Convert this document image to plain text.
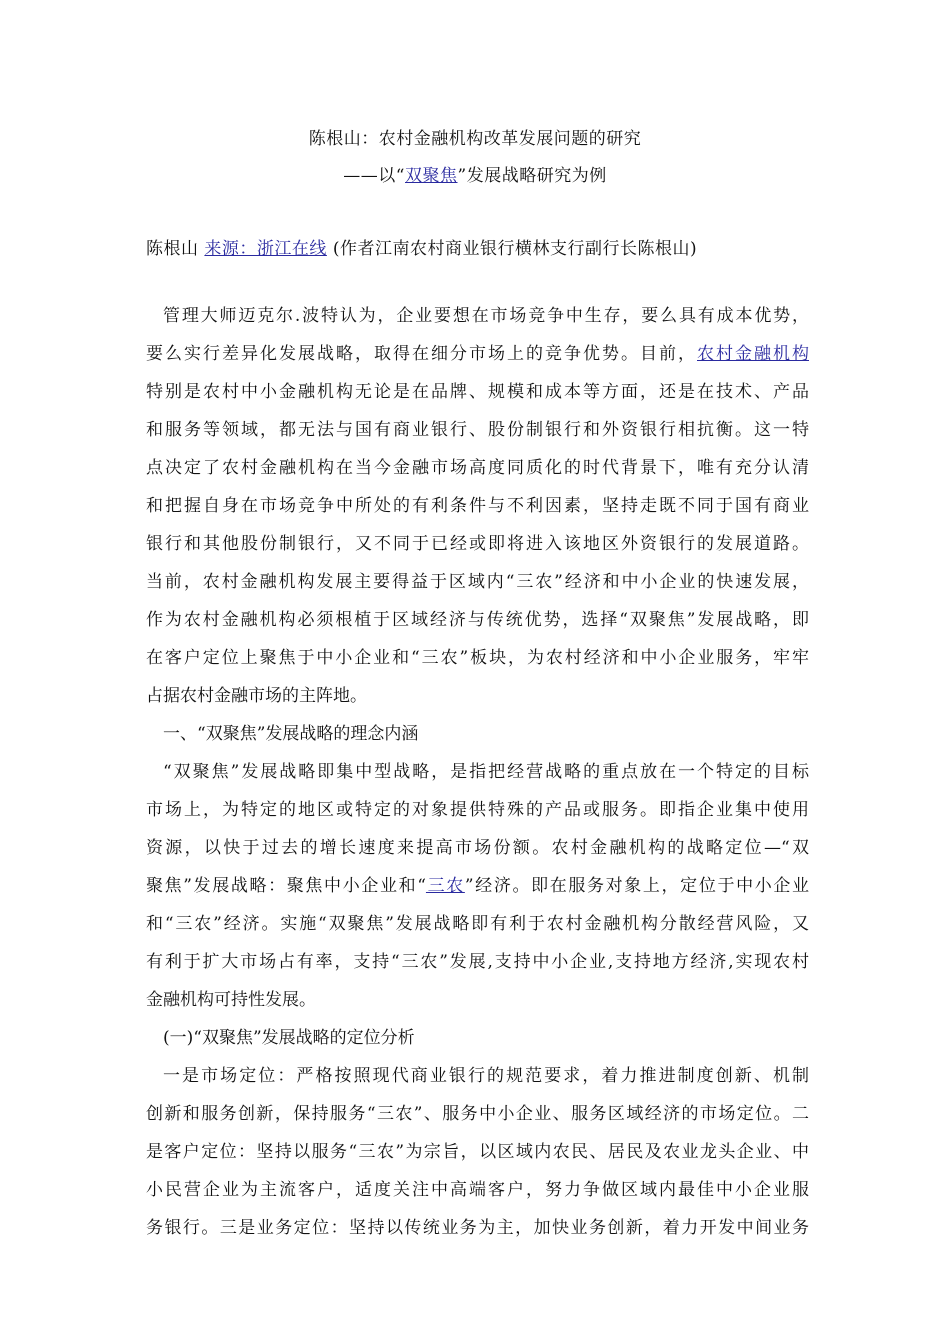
陈根山：农村金融机构改革发展问题的研究
——以“双聚焦”发展战略研究为例
陈根山 来源：浙江在线 (作者江南农村商业银行横林支行副行长陈根山)

管理大师迈克尔.波特认为，企业要想在市场竞争中生存，要么具有成本优势，
要么实行差异化发展战略，取得在细分市场上的竞争优势。目前，农村金融机构
特别是农村中小金融机构无论是在品牌、规模和成本等方面，还是在技术、产品
和服务等领域，都无法与国有商业银行、股份制银行和外资银行相抗衡。这一特
点决定了农村金融机构在当今金融市场高度同质化的时代背景下，唯有充分认清
和把握自身在市场竞争中所处的有利条件与不利因素，坚持走既不同于国有商业
银行和其他股份制银行，又不同于已经或即将进入该地区外资银行的发展道路。
当前，农村金融机构发展主要得益于区域内“三农”经济和中小企业的快速发展，
作为农村金融机构必须根植于区域经济与传统优势，选择“双聚焦”发展战略，即
在客户定位上聚焦于中小企业和“三农”板块，为农村经济和中小企业服务，牢牢
占据农村金融市场的主阵地。

一、“双聚焦”发展战略的理念内涵

“双聚焦”发展战略即集中型战略，是指把经营战略的重点放在一个特定的目标
市场上，为特定的地区或特定的对象提供特殊的产品或服务。即指企业集中使用
资源，以快于过去的增长速度来提高市场份额。农村金融机构的战略定位—“双
聚焦”发展战略：聚焦中小企业和“三农”经济。即在服务对象上，定位于中小企业
和“三农”经济。实施“双聚焦”发展战略即有利于农村金融机构分散经营风险，又
有利于扩大市场占有率，支持“三农”发展,支持中小企业,支持地方经济,实现农村
金融机构可持性发展。

(一)“双聚焦”发展战略的定位分析

一是市场定位：严格按照现代商业银行的规范要求，着力推进制度创新、机制
创新和服务创新，保持服务“三农”、服务中小企业、服务区域经济的市场定位。二
是客户定位：坚持以服务“三农”为宗旨，以区域内农民、居民及农业龙头企业、中
小民营企业为主流客户，适度关注中高端客户，努力争做区域内最佳中小企业服
务银行。三是业务定位：坚持以传统业务为主，加快业务创新，着力开发中间业务
